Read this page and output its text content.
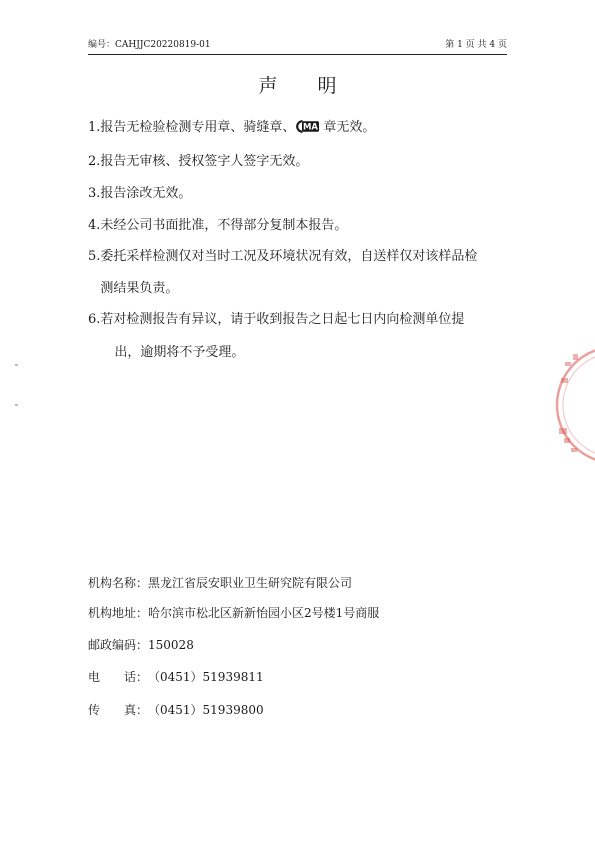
编号：CAHJJC20220819-01	第 1 页 共 4 页
声明
1. 报告无检验检测专用章、骑缝章、 MA 章无效。
2. 报告无审核、授权签字人签字无效。
3. 报告涂改无效。
4. 未经公司书面批准，不得部分复制本报告。
5. 委托采样检测仅对当时工况及环境状况有效，自送样仅对该样品检
测结果负责。
6. 若对检测报告有异议，请于收到报告之日起七日内向检测单位提
出，逾期将不予受理。
机构名称：黑龙江省辰安职业卫生研究院有限公司
机构地址：哈尔滨市松北区新新怡园小区2号楼1号商服
邮政编码：150028
电 话：（0451）51939811
传 真：（0451）51939800
